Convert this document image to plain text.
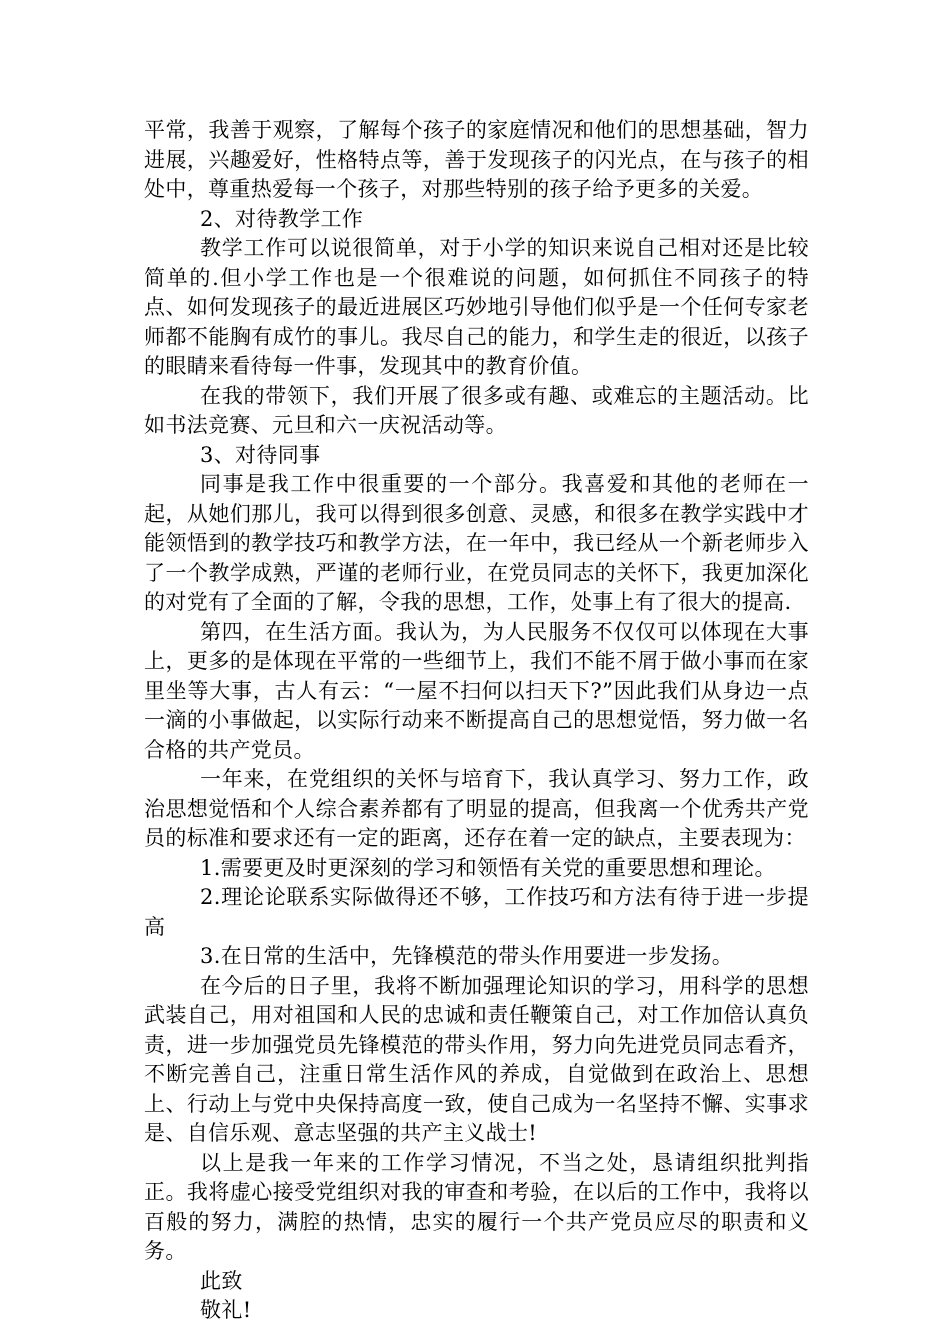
平常，我善于观察，了解每个孩子的家庭情况和他们的思想基础，智力进展，兴趣爱好，性格特点等，善于发现孩子的闪光点，在与孩子的相处中，尊重热爱每一个孩子，对那些特别的孩子给予更多的关爱。

2、对待教学工作

教学工作可以说很简单，对于小学的知识来说自己相对还是比较简单的.但小学工作也是一个很难说的问题，如何抓住不同孩子的特点、如何发现孩子的最近进展区巧妙地引导他们似乎是一个任何专家老师都不能胸有成竹的事儿。我尽自己的能力，和学生走的很近，以孩子的眼睛来看待每一件事，发现其中的教育价值。

在我的带领下，我们开展了很多或有趣、或难忘的主题活动。比如书法竞赛、元旦和六一庆祝活动等。

3、对待同事

同事是我工作中很重要的一个部分。我喜爱和其他的老师在一起，从她们那儿，我可以得到很多创意、灵感，和很多在教学实践中才能领悟到的教学技巧和教学方法，在一年中，我已经从一个新老师步入了一个教学成熟，严谨的老师行业，在党员同志的关怀下，我更加深化的对党有了全面的了解，令我的思想，工作，处事上有了很大的提高.

第四，在生活方面。我认为，为人民服务不仅仅可以体现在大事上，更多的是体现在平常的一些细节上，我们不能不屑于做小事而在家里坐等大事，古人有云：“一屋不扫何以扫天下?”因此我们从身边一点一滴的小事做起，以实际行动来不断提高自己的思想觉悟，努力做一名合格的共产党员。

一年来，在党组织的关怀与培育下，我认真学习、努力工作，政治思想觉悟和个人综合素养都有了明显的提高，但我离一个优秀共产党员的标准和要求还有一定的距离，还存在着一定的缺点，主要表现为：

1.需要更及时更深刻的学习和领悟有关党的重要思想和理论。

2.理论论联系实际做得还不够，工作技巧和方法有待于进一步提高

3.在日常的生活中，先锋模范的带头作用要进一步发扬。

在今后的日子里，我将不断加强理论知识的学习，用科学的思想武装自己，用对祖国和人民的忠诚和责任鞭策自己，对工作加倍认真负责，进一步加强党员先锋模范的带头作用，努力向先进党员同志看齐，不断完善自己，注重日常生活作风的养成，自觉做到在政治上、思想上、行动上与党中央保持高度一致，使自己成为一名坚持不懈、实事求是、自信乐观、意志坚强的共产主义战士!

以上是我一年来的工作学习情况，不当之处，恳请组织批判指正。我将虚心接受党组织对我的审查和考验，在以后的工作中，我将以百般的努力，满腔的热情，忠实的履行一个共产党员应尽的职责和义务。

此致

敬礼!
